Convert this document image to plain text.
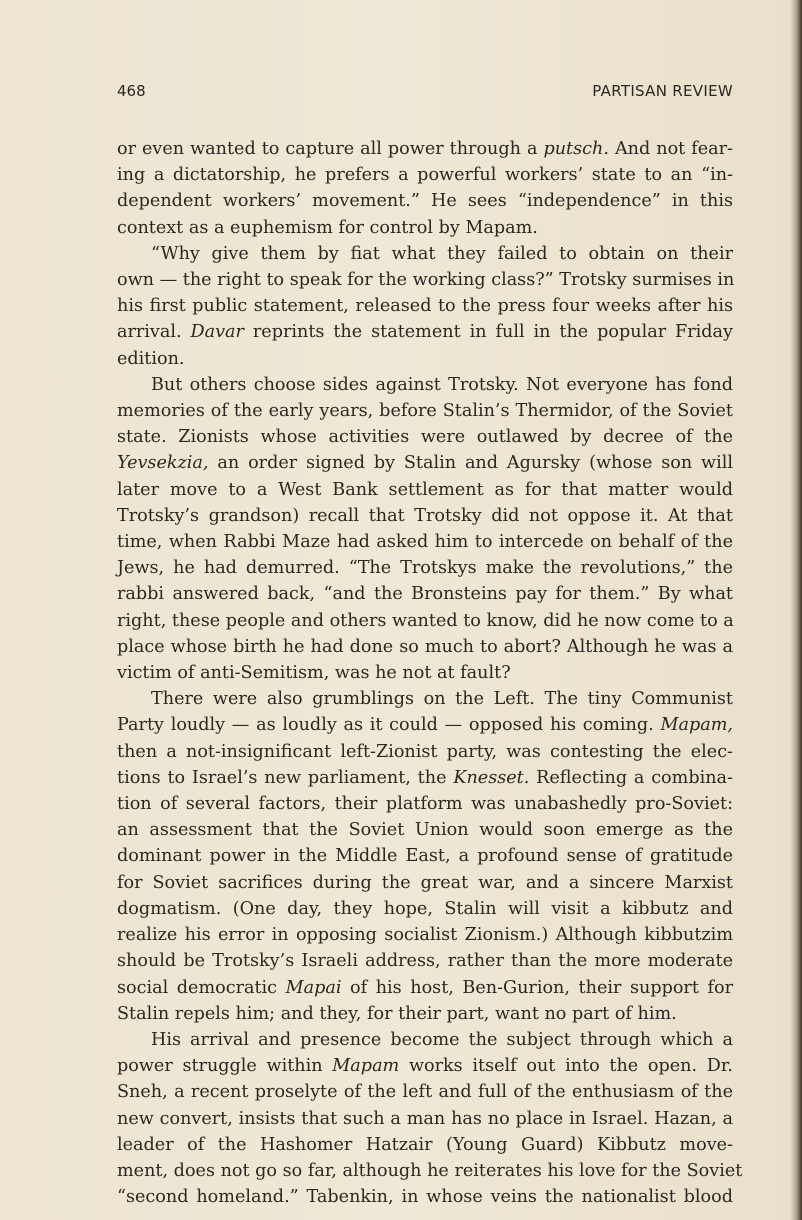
468	PARTISAN REVIEW
or even wanted to capture all power through a putsch. And not fear-
ing a dictatorship, he prefers a powerful workers’ state to an “in-
dependent workers’ movement.” He sees “independence” in this
context as a euphemism for control by Mapam.
“Why give them by fiat what they failed to obtain on their
own — the right to speak for the working class?” Trotsky surmises in
his first public statement, released to the press four weeks after his
arrival. Davar reprints the statement in full in the popular Friday
edition.
But others choose sides against Trotsky. Not everyone has fond
memories of the early years, before Stalin’s Thermidor, of the Soviet
state. Zionists whose activities were outlawed by decree of the
Yevsekzia, an order signed by Stalin and Agursky (whose son will
later move to a West Bank settlement as for that matter would
Trotsky’s grandson) recall that Trotsky did not oppose it. At that
time, when Rabbi Maze had asked him to intercede on behalf of the
Jews, he had demurred. “The Trotskys make the revolutions,” the
rabbi answered back, “and the Bronsteins pay for them.” By what
right, these people and others wanted to know, did he now come to a
place whose birth he had done so much to abort? Although he was a
victim of anti-Semitism, was he not at fault?
There were also grumblings on the Left. The tiny Communist
Party loudly — as loudly as it could — opposed his coming. Mapam,
then a not-insignificant left-Zionist party, was contesting the elec-
tions to Israel’s new parliament, the Knesset. Reflecting a combina-
tion of several factors, their platform was unabashedly pro-Soviet:
an assessment that the Soviet Union would soon emerge as the
dominant power in the Middle East, a profound sense of gratitude
for Soviet sacrifices during the great war, and a sincere Marxist
dogmatism. (One day, they hope, Stalin will visit a kibbutz and
realize his error in opposing socialist Zionism.) Although kibbutzim
should be Trotsky’s Israeli address, rather than the more moderate
social democratic Mapai of his host, Ben-Gurion, their support for
Stalin repels him; and they, for their part, want no part of him.
His arrival and presence become the subject through which a
power struggle within Mapam works itself out into the open. Dr.
Sneh, a recent proselyte of the left and full of the enthusiasm of the
new convert, insists that such a man has no place in Israel. Hazan, a
leader of the Hashomer Hatzair (Young Guard) Kibbutz move-
ment, does not go so far, although he reiterates his love for the Soviet
“second homeland.” Tabenkin, in whose veins the nationalist blood
